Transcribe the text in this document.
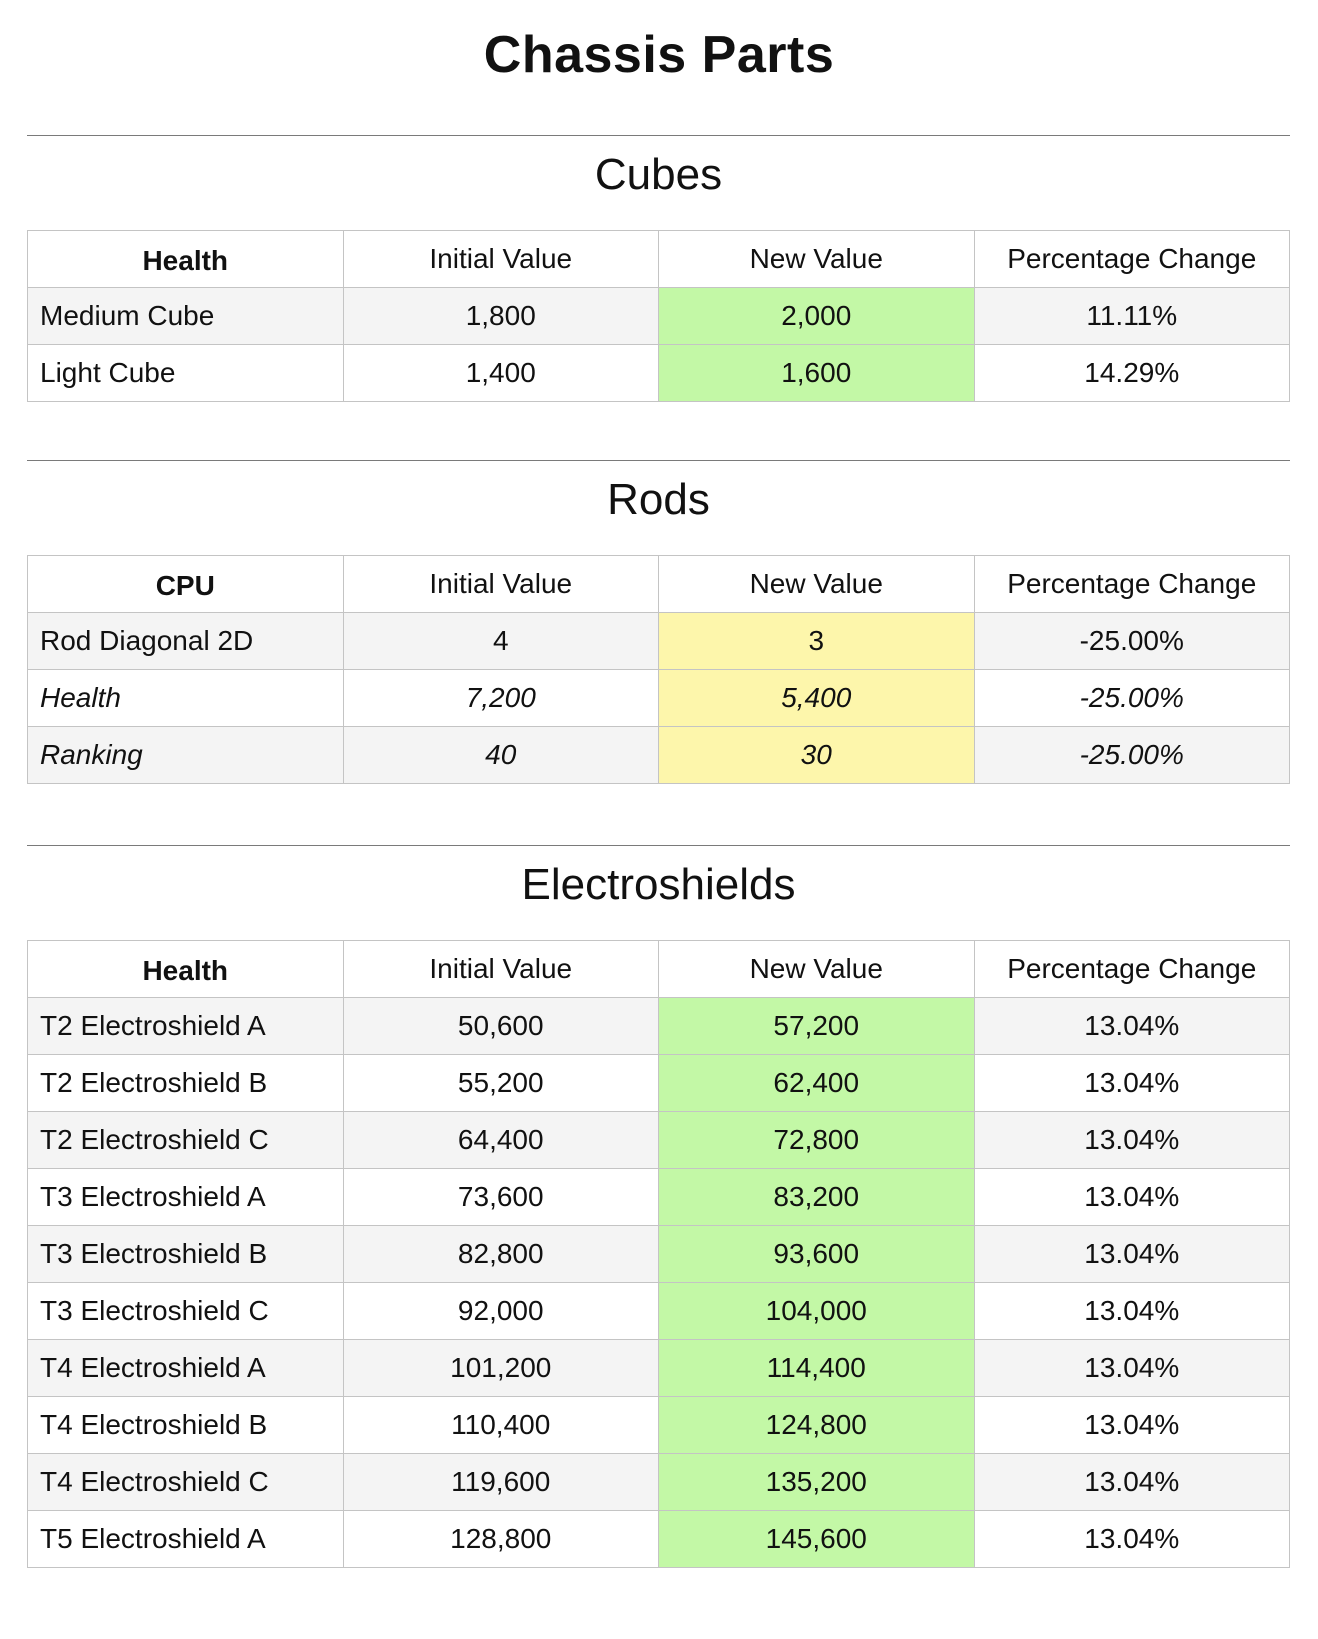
Chassis Parts
Cubes
Health	Initial Value	New Value	Percentage Change
Medium Cube	1,800	2,000	11.11%
Light Cube	1,400	1,600	14.29%
Rods
CPU	Initial Value	New Value	Percentage Change
Rod Diagonal 2D	4	3	-25.00%
Health	7,200	5,400	-25.00%
Ranking	40	30	-25.00%
Electroshields
Health	Initial Value	New Value	Percentage Change
T2 Electroshield A	50,600	57,200	13.04%
T2 Electroshield B	55,200	62,400	13.04%
T2 Electroshield C	64,400	72,800	13.04%
T3 Electroshield A	73,600	83,200	13.04%
T3 Electroshield B	82,800	93,600	13.04%
T3 Electroshield C	92,000	104,000	13.04%
T4 Electroshield A	101,200	114,400	13.04%
T4 Electroshield B	110,400	124,800	13.04%
T4 Electroshield C	119,600	135,200	13.04%
T5 Electroshield A	128,800	145,600	13.04%
